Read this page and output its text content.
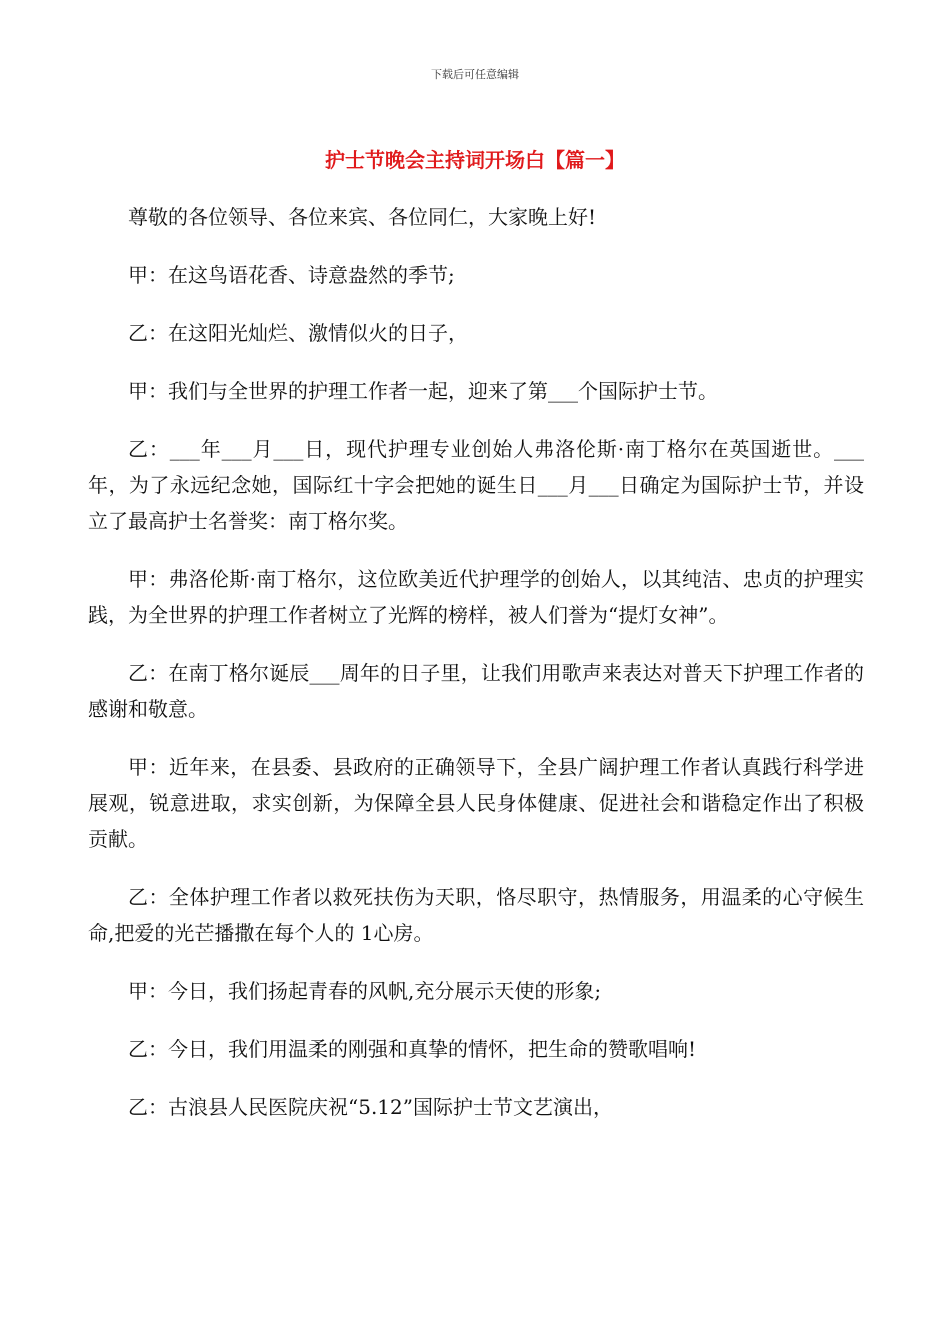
下载后可任意编辑
护士节晚会主持词开场白【篇一】

尊敬的各位领导、各位来宾、各位同仁，大家晚上好!

甲：在这鸟语花香、诗意盎然的季节;

乙：在这阳光灿烂、激情似火的日子，

甲：我们与全世界的护理工作者一起，迎来了第___个国际护士节。

乙：___年___月___日，现代护理专业创始人弗洛伦斯·南丁格尔在英国逝世。___年，为了永远纪念她，国际红十字会把她的诞生日___月___日确定为国际护士节，并设立了最高护士名誉奖：南丁格尔奖。

甲：弗洛伦斯·南丁格尔，这位欧美近代护理学的创始人，以其纯洁、忠贞的护理实践，为全世界的护理工作者树立了光辉的榜样，被人们誉为“提灯女神”。

乙：在南丁格尔诞辰___周年的日子里，让我们用歌声来表达对普天下护理工作者的感谢和敬意。

甲：近年来，在县委、县政府的正确领导下，全县广阔护理工作者认真践行科学进展观，锐意进取，求实创新，为保障全县人民身体健康、促进社会和谐稳定作出了积极贡献。

乙：全体护理工作者以救死扶伤为天职，恪尽职守，热情服务，用温柔的心守候生命,把爱的光芒播撒在每个人的 1心房。

甲：今日，我们扬起青春的风帆,充分展示天使的形象;

乙：今日，我们用温柔的刚强和真挚的情怀，把生命的赞歌唱响!

乙：古浪县人民医院庆祝“5.12”国际护士节文艺演出，
